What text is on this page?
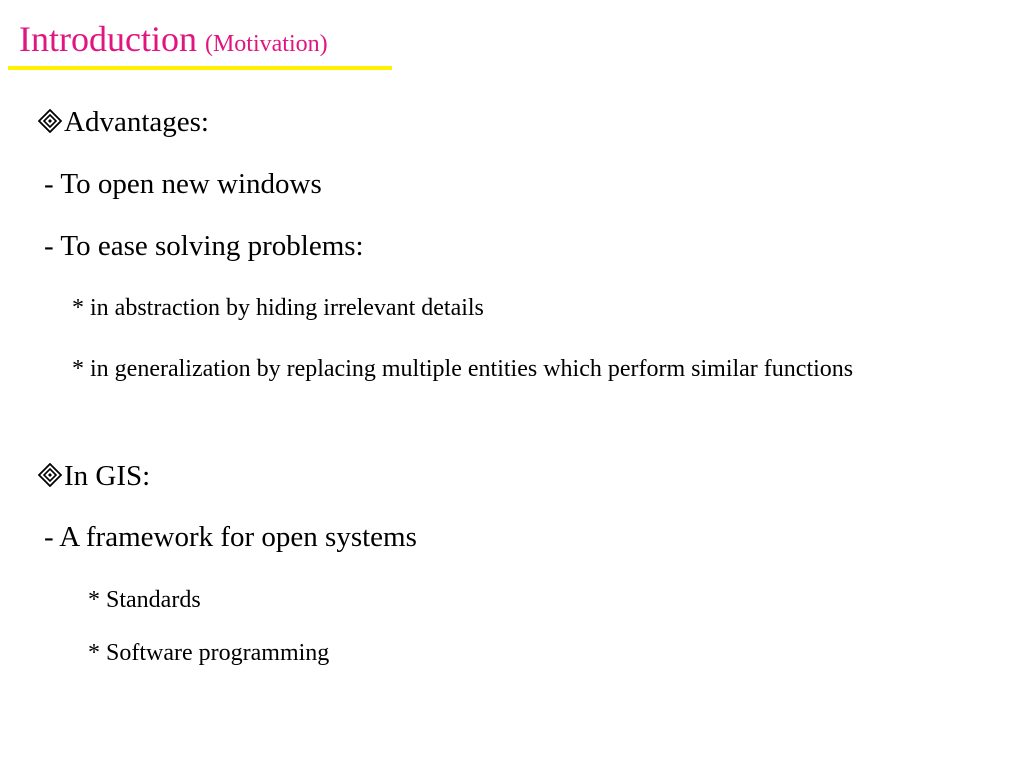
Introduction (Motivation)
Advantages:
- To open new windows
- To ease solving problems:
* in abstraction by hiding irrelevant details
* in generalization by replacing multiple entities which perform similar functions
In GIS:
- A framework for open systems
* Standards
* Software programming
